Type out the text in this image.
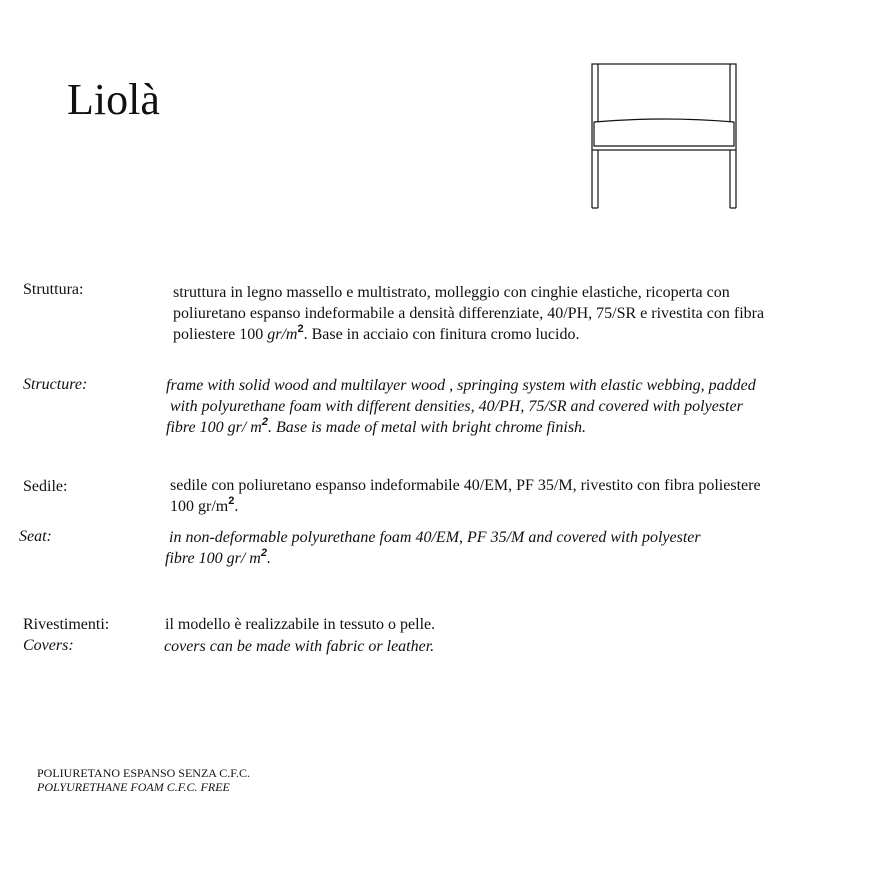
Liolà
Struttura:	struttura in legno massello e multistrato, molleggio con cinghie elastiche, ricoperta con
poliuretano espanso indeformabile a densità differenziate, 40/PH, 75/SR e rivestita con fibra
poliestere 100 $gr/m^2$. Base in acciaio con finitura cromo lucido.
Structure:	frame with solid wood and multilayer wood , springing system with elastic webbing, padded
with polyurethane foam with different densities, 40/PH, 75/SR and covered with polyester
fibre 100 gr/ $m^2$. Base is made of metal with bright chrome finish.
Sedile:	sedile con poliuretano espanso indeformabile 40/EM, PF 35/M, rivestito con fibra poliestere
100 $gr/m^2$.
Seat:	in non-deformable polyurethane foam 40/EM, PF 35/M and covered with polyester
fibre 100 gr/ $m^2$.
Rivestimenti:	il modello è realizzabile in tessuto o pelle.
Covers:	covers can be made with fabric or leather.
POLIURETANO ESPANSO SENZA C.F.C.
POLYURETHANE FOAM C.F.C. FREE
